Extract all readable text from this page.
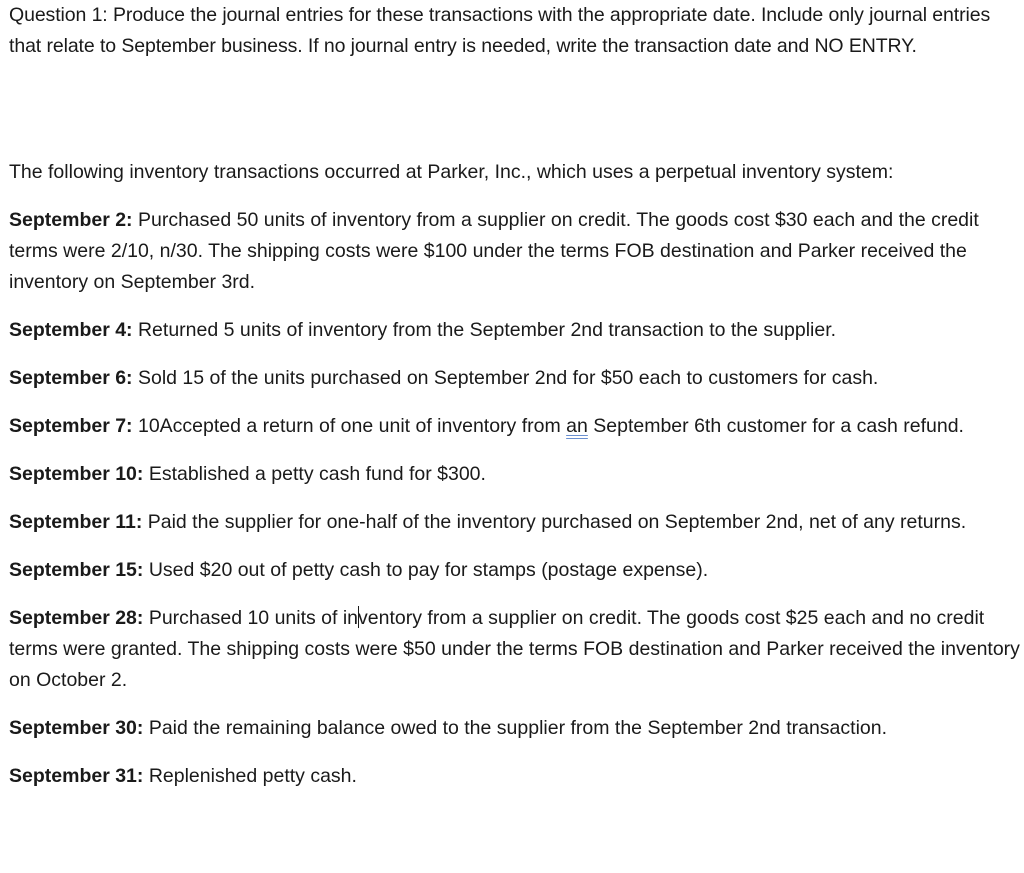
Question 1: Produce the journal entries for these transactions with the appropriate date. Include only journal entries that relate to September business. If no journal entry is needed, write the transaction date and NO ENTRY.

The following inventory transactions occurred at Parker, Inc., which uses a perpetual inventory system:

September 2: Purchased 50 units of inventory from a supplier on credit. The goods cost $30 each and the credit terms were 2/10, n/30. The shipping costs were $100 under the terms FOB destination and Parker received the inventory on September 3rd.

September 4: Returned 5 units of inventory from the September 2nd transaction to the supplier.

September 6: Sold 15 of the units purchased on September 2nd for $50 each to customers for cash.

September 7: 10Accepted a return of one unit of inventory from an September 6th customer for a cash refund.

September 10: Established a petty cash fund for $300.

September 11: Paid the supplier for one-half of the inventory purchased on September 2nd, net of any returns.

September 15: Used $20 out of petty cash to pay for stamps (postage expense).

September 28: Purchased 10 units of inventory from a supplier on credit. The goods cost $25 each and no credit terms were granted. The shipping costs were $50 under the terms FOB destination and Parker received the inventory on October 2.

September 30: Paid the remaining balance owed to the supplier from the September 2nd transaction.

September 31: Replenished petty cash.
